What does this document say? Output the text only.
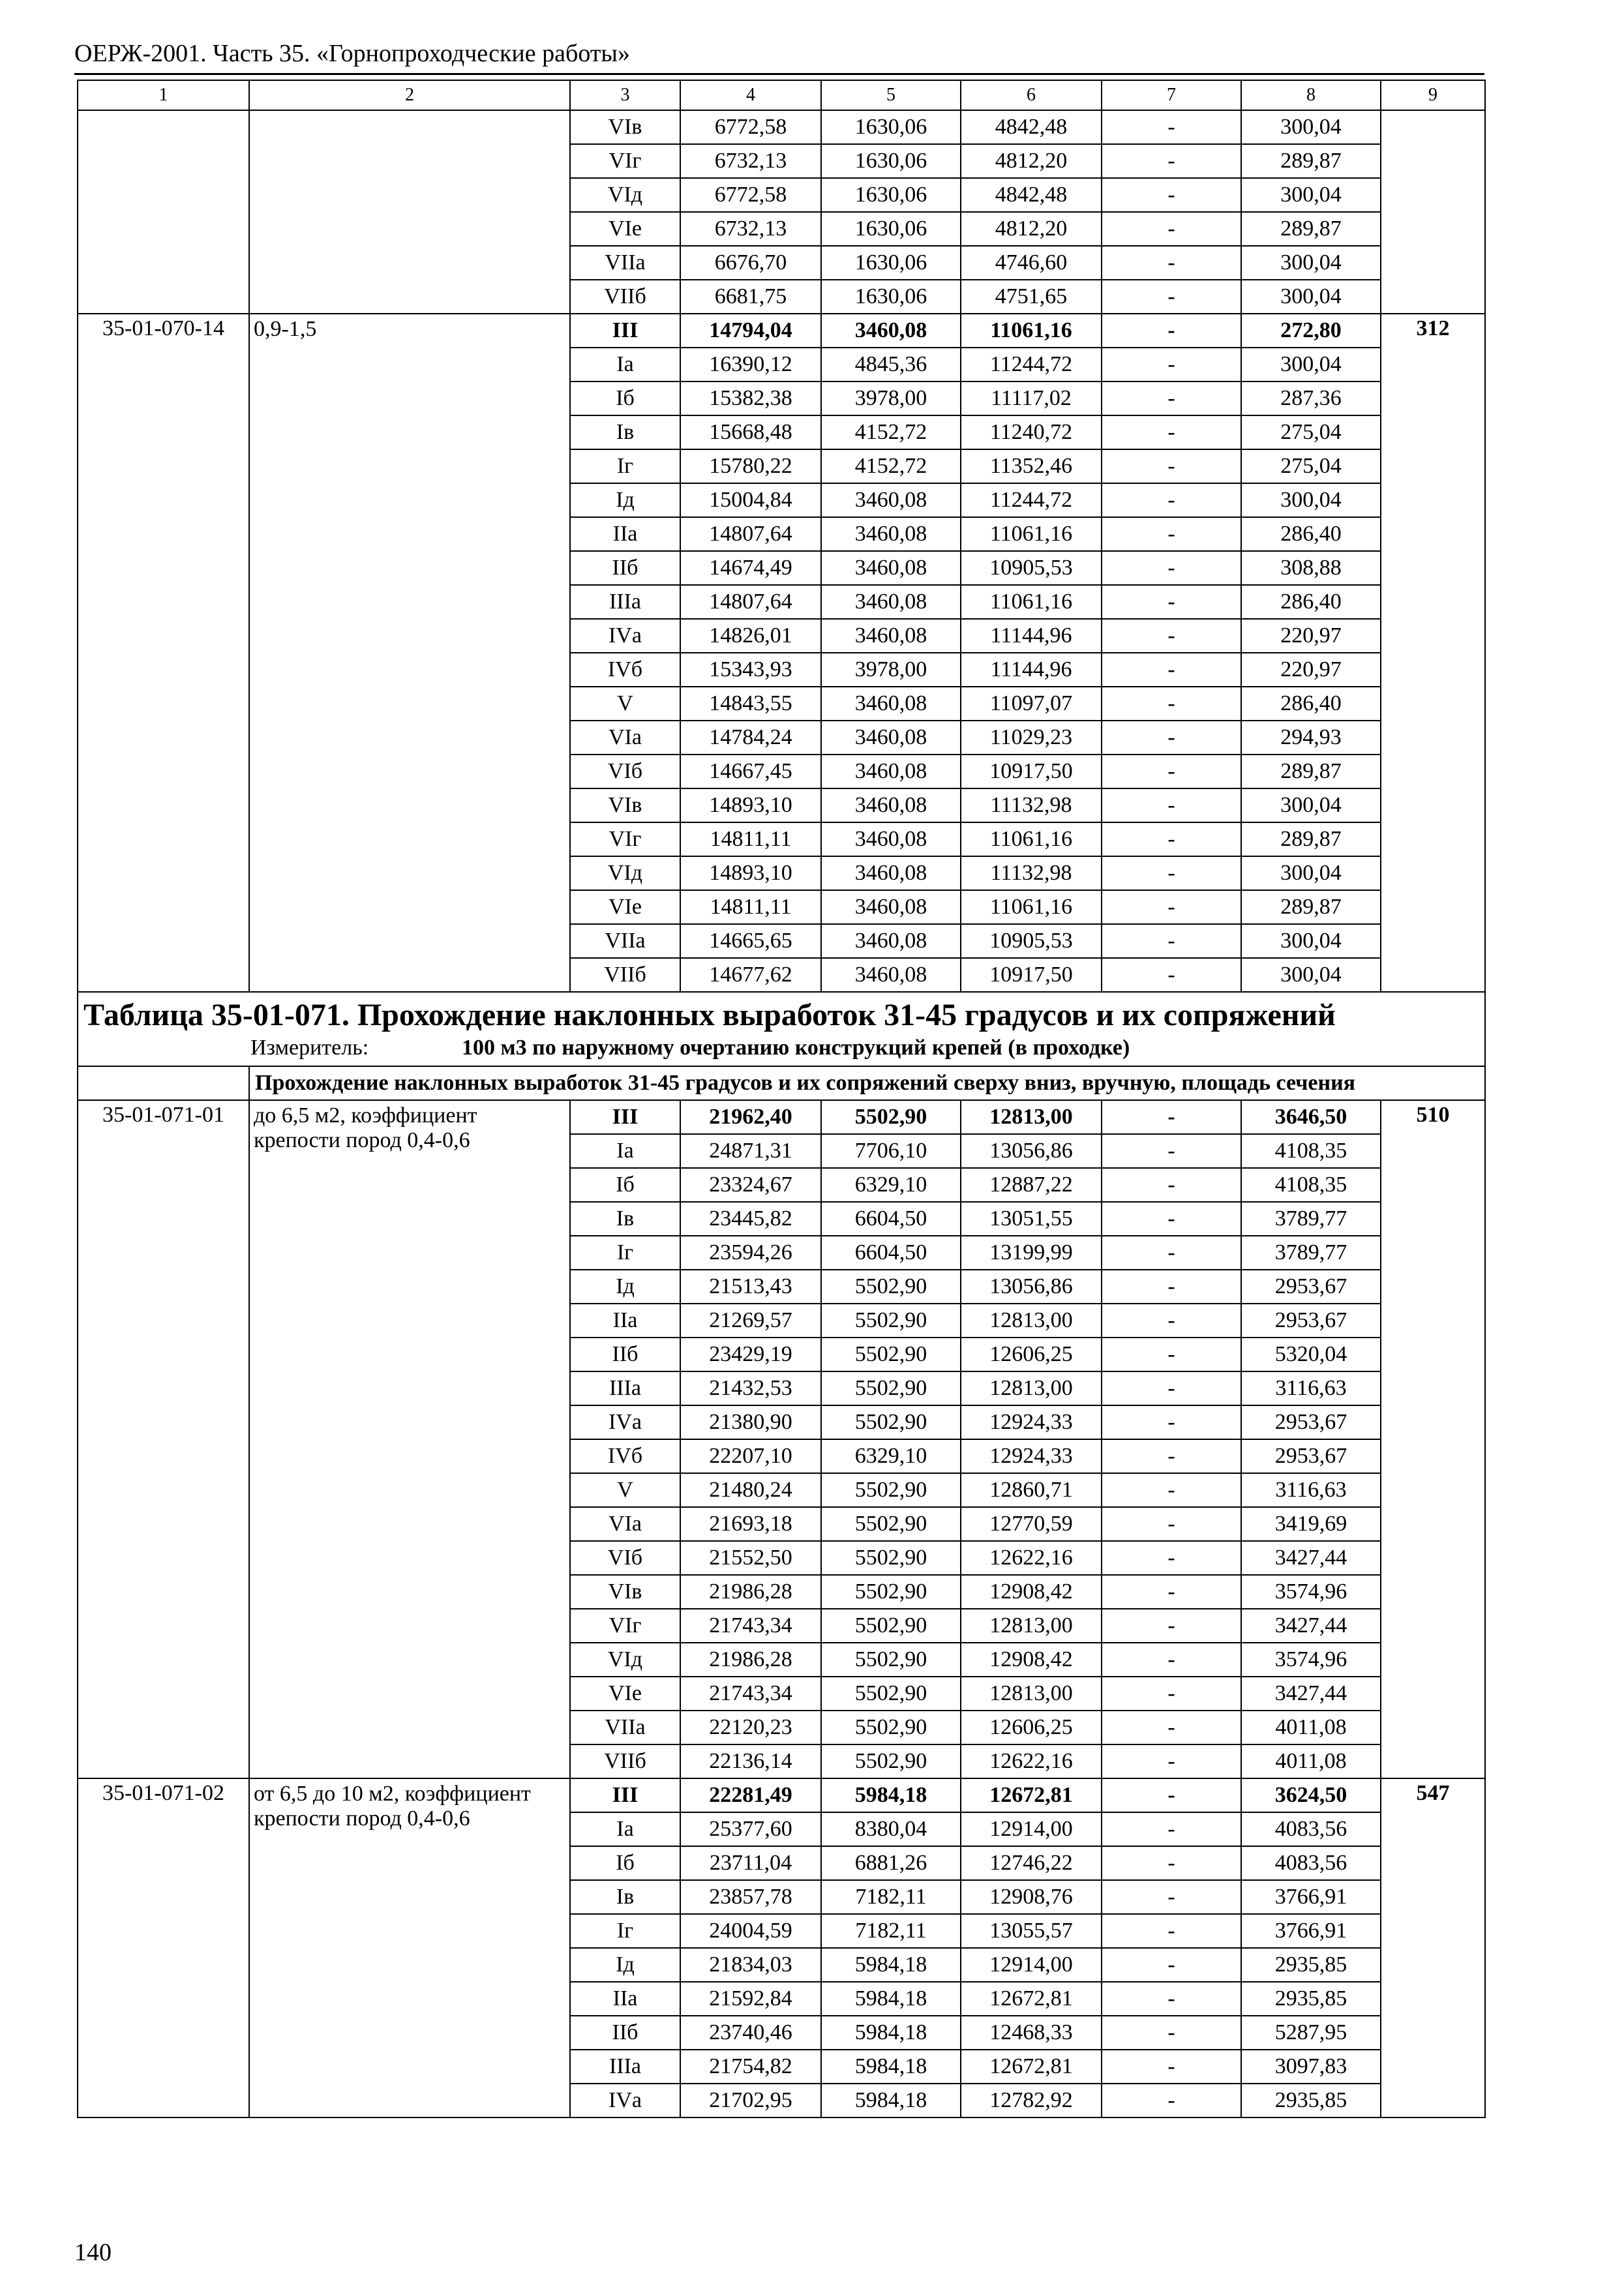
ОЕРЖ-2001. Часть 35. «Горнопроходческие работы»
1	2	3	4	5	6	7	8	9
		VIв	6772,58	1630,06	4842,48	-	300,04	
		VIг	6732,13	1630,06	4812,20	-	289,87	
		VIд	6772,58	1630,06	4842,48	-	300,04	
		VIе	6732,13	1630,06	4812,20	-	289,87	
		VIIа	6676,70	1630,06	4746,60	-	300,04	
		VIIб	6681,75	1630,06	4751,65	-	300,04	
35-01-070-14	0,9-1,5	III	14794,04	3460,08	11061,16	-	272,80	312
		Iа	16390,12	4845,36	11244,72	-	300,04	
		Iб	15382,38	3978,00	11117,02	-	287,36	
		Iв	15668,48	4152,72	11240,72	-	275,04	
		Iг	15780,22	4152,72	11352,46	-	275,04	
		Iд	15004,84	3460,08	11244,72	-	300,04	
		IIа	14807,64	3460,08	11061,16	-	286,40	
		IIб	14674,49	3460,08	10905,53	-	308,88	
		IIIа	14807,64	3460,08	11061,16	-	286,40	
		IVа	14826,01	3460,08	11144,96	-	220,97	
		IVб	15343,93	3978,00	11144,96	-	220,97	
		V	14843,55	3460,08	11097,07	-	286,40	
		VIа	14784,24	3460,08	11029,23	-	294,93	
		VIб	14667,45	3460,08	10917,50	-	289,87	
		VIв	14893,10	3460,08	11132,98	-	300,04	
		VIг	14811,11	3460,08	11061,16	-	289,87	
		VIд	14893,10	3460,08	11132,98	-	300,04	
		VIе	14811,11	3460,08	11061,16	-	289,87	
		VIIа	14665,65	3460,08	10905,53	-	300,04	
		VIIб	14677,62	3460,08	10917,50	-	300,04	

Таблица 35-01-071. Прохождение наклонных выработок 31-45 градусов и их сопряжений
Измеритель: 100 м3 по наружному очертанию конструкций крепей (в проходке)								

	Прохождение наклонных выработок 31-45 градусов и их сопряжений сверху вниз, вручную, площадь сечения							
35-01-071-01	до 6,5 м2, коэффициент крепости пород 0,4-0,6	III	21962,40	5502,90	12813,00	-	3646,50	510
		Iа	24871,31	7706,10	13056,86	-	4108,35	
		Iб	23324,67	6329,10	12887,22	-	4108,35	
		Iв	23445,82	6604,50	13051,55	-	3789,77	
		Iг	23594,26	6604,50	13199,99	-	3789,77	
		Iд	21513,43	5502,90	13056,86	-	2953,67	
		IIа	21269,57	5502,90	12813,00	-	2953,67	
		IIб	23429,19	5502,90	12606,25	-	5320,04	
		IIIа	21432,53	5502,90	12813,00	-	3116,63	
		IVа	21380,90	5502,90	12924,33	-	2953,67	
		IVб	22207,10	6329,10	12924,33	-	2953,67	
		V	21480,24	5502,90	12860,71	-	3116,63	
		VIа	21693,18	5502,90	12770,59	-	3419,69	
		VIб	21552,50	5502,90	12622,16	-	3427,44	
		VIв	21986,28	5502,90	12908,42	-	3574,96	
		VIг	21743,34	5502,90	12813,00	-	3427,44	
		VIд	21986,28	5502,90	12908,42	-	3574,96	
		VIе	21743,34	5502,90	12813,00	-	3427,44	
		VIIа	22120,23	5502,90	12606,25	-	4011,08	
		VIIб	22136,14	5502,90	12622,16	-	4011,08	
35-01-071-02	от 6,5 до 10 м2, коэффициент крепости пород 0,4-0,6	III	22281,49	5984,18	12672,81	-	3624,50	547
		Iа	25377,60	8380,04	12914,00	-	4083,56	
		Iб	23711,04	6881,26	12746,22	-	4083,56	
		Iв	23857,78	7182,11	12908,76	-	3766,91	
		Iг	24004,59	7182,11	13055,57	-	3766,91	
		Iд	21834,03	5984,18	12914,00	-	2935,85	
		IIа	21592,84	5984,18	12672,81	-	2935,85	
		IIб	23740,46	5984,18	12468,33	-	5287,95	
		IIIа	21754,82	5984,18	12672,81	-	3097,83	
		IVа	21702,95	5984,18	12782,92	-	2935,85	
140
